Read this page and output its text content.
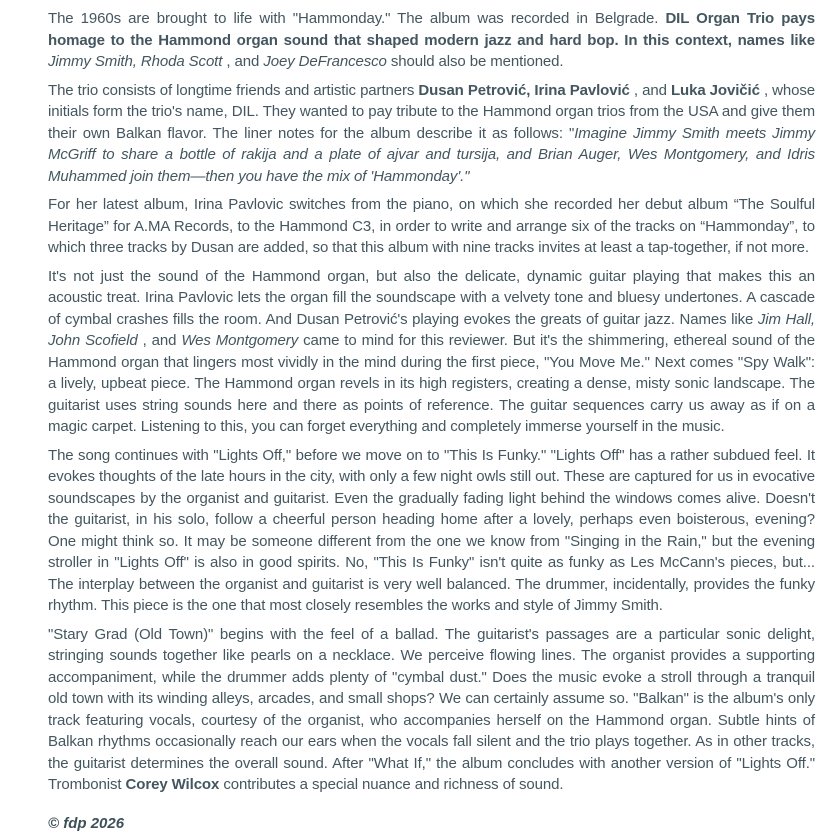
The 1960s are brought to life with "Hammonday." The album was recorded in Belgrade. DIL Organ Trio pays homage to the Hammond organ sound that shaped modern jazz and hard bop. In this context, names like Jimmy Smith, Rhoda Scott , and Joey DeFrancesco should also be mentioned.

The trio consists of longtime friends and artistic partners Dusan Petrović, Irina Pavlović , and Luka Jovičić , whose initials form the trio's name, DIL. They wanted to pay tribute to the Hammond organ trios from the USA and give them their own Balkan flavor. The liner notes for the album describe it as follows: "Imagine Jimmy Smith meets Jimmy McGriff to share a bottle of rakija and a plate of ajvar and tursija, and Brian Auger, Wes Montgomery, and Idris Muhammed join them—then you have the mix of 'Hammonday'."

For her latest album, Irina Pavlovic switches from the piano, on which she recorded her debut album “The Soulful Heritage” for A.MA Records, to the Hammond C3, in order to write and arrange six of the tracks on “Hammonday”, to which three tracks by Dusan are added, so that this album with nine tracks invites at least a tap-together, if not more.

It's not just the sound of the Hammond organ, but also the delicate, dynamic guitar playing that makes this an acoustic treat. Irina Pavlovic lets the organ fill the soundscape with a velvety tone and bluesy undertones. A cascade of cymbal crashes fills the room. And Dusan Petrović's playing evokes the greats of guitar jazz. Names like Jim Hall, John Scofield , and Wes Montgomery came to mind for this reviewer. But it's the shimmering, ethereal sound of the Hammond organ that lingers most vividly in the mind during the first piece, "You Move Me." Next comes "Spy Walk": a lively, upbeat piece. The Hammond organ revels in its high registers, creating a dense, misty sonic landscape. The guitarist uses string sounds here and there as points of reference. The guitar sequences carry us away as if on a magic carpet. Listening to this, you can forget everything and completely immerse yourself in the music.

The song continues with "Lights Off," before we move on to "This Is Funky." "Lights Off" has a rather subdued feel. It evokes thoughts of the late hours in the city, with only a few night owls still out. These are captured for us in evocative soundscapes by the organist and guitarist. Even the gradually fading light behind the windows comes alive. Doesn't the guitarist, in his solo, follow a cheerful person heading home after a lovely, perhaps even boisterous, evening? One might think so. It may be someone different from the one we know from "Singing in the Rain," but the evening stroller in "Lights Off" is also in good spirits. No, "This Is Funky" isn't quite as funky as Les McCann's pieces, but... The interplay between the organist and guitarist is very well balanced. The drummer, incidentally, provides the funky rhythm. This piece is the one that most closely resembles the works and style of Jimmy Smith.

"Stary Grad (Old Town)" begins with the feel of a ballad. The guitarist's passages are a particular sonic delight, stringing sounds together like pearls on a necklace. We perceive flowing lines. The organist provides a supporting accompaniment, while the drummer adds plenty of "cymbal dust." Does the music evoke a stroll through a tranquil old town with its winding alleys, arcades, and small shops? We can certainly assume so. "Balkan" is the album's only track featuring vocals, courtesy of the organist, who accompanies herself on the Hammond organ. Subtle hints of Balkan rhythms occasionally reach our ears when the vocals fall silent and the trio plays together. As in other tracks, the guitarist determines the overall sound. After "What If," the album concludes with another version of "Lights Off." Trombonist Corey Wilcox contributes a special nuance and richness of sound.

© fdp 2026
